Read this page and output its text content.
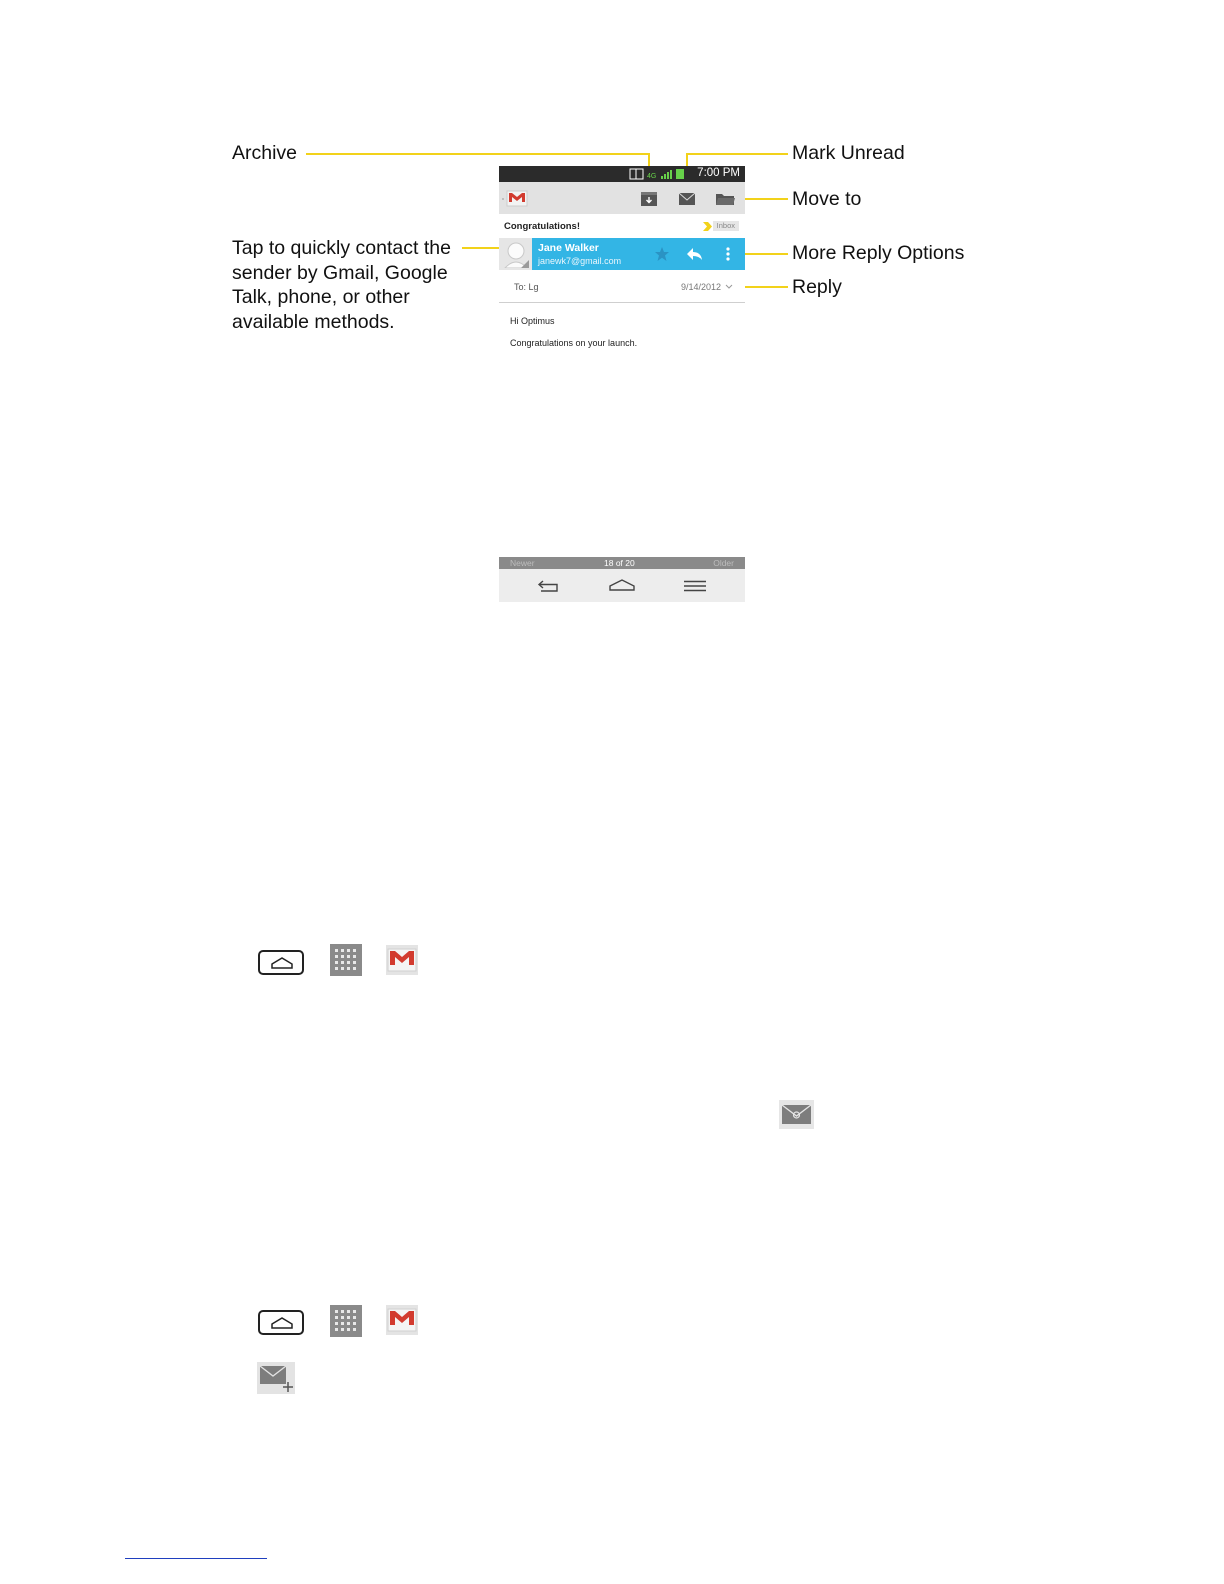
Archive	Mark Unread
Move to
More Reply Options
Reply
Tap to quickly contact the
sender by Gmail, Google
Talk, phone, or other
available methods.
4G	7:00 PM
Congratulations!	Inbox
Jane Walker
janewk7@gmail.com
To: Lg	9/14/2012
Hi Optimus
Congratulations on your launch.
Newer	18 of 20	Older
